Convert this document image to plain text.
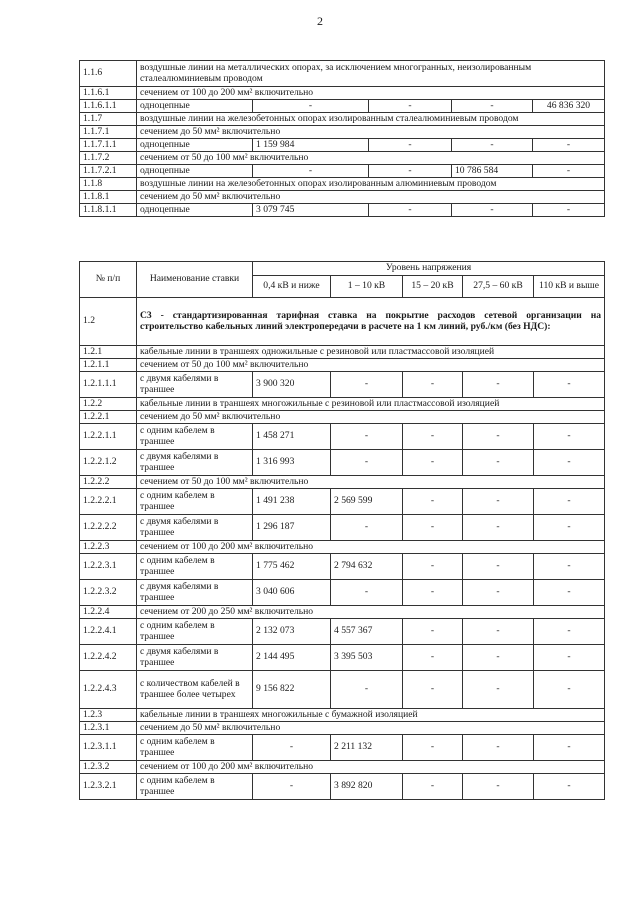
2
1.1.6	воздушные линии на металлических опорах, за исключением многогранных, неизолированным сталеалюминиевым проводом				
1.1.6.1	сечением от 100 до 200 мм² включительно				
1.1.6.1.1	одноцепные	-	-	-	46 836 320
1.1.7	воздушные линии на железобетонных опорах изолированным сталеалюминиевым проводом				
1.1.7.1	сечением до 50 мм² включительно				
1.1.7.1.1	одноцепные	1 159 984	-	-	-
1.1.7.2	сечением от 50 до 100 мм² включительно				
1.1.7.2.1	одноцепные	-	-	10 786 584	-
1.1.8	воздушные линии на железобетонных опорах изолированным алюминиевым проводом				
1.1.8.1	сечением до 50 мм² включительно				
1.1.8.1.1	одноцепные	3 079 745	-	-	-
№ п/п	Наименование ставки	Уровень напряжения				
		0,4 кВ и ниже	1 – 10 кВ	15 – 20 кВ	27,5 – 60 кВ	110 кВ и выше
1.2	С3 - стандартизированная тарифная ставка на покрытие расходов сетевой организации на строительство кабельных линий электропередачи в расчете на 1 км линий, руб./км (без НДС):					
1.2.1	кабельные линии в траншеях одножильные с резиновой или пластмассовой изоляцией					
1.2.1.1	сечением от 50 до 100 мм² включительно					
1.2.1.1.1	с двумя кабелями в траншее	3 900 320	-	-	-	-
1.2.2	кабельные линии в траншеях многожильные с резиновой или пластмассовой изоляцией					
1.2.2.1	сечением до 50 мм² включительно					
1.2.2.1.1	с одним кабелем в траншее	1 458 271	-	-	-	-
1.2.2.1.2	с двумя кабелями в траншее	1 316 993	-	-	-	-
1.2.2.2	сечением от 50 до 100 мм² включительно					
1.2.2.2.1	с одним кабелем в траншее	1 491 238	2 569 599	-	-	-
1.2.2.2.2	с двумя кабелями в траншее	1 296 187	-	-	-	-
1.2.2.3	сечением от 100 до 200 мм² включительно					
1.2.2.3.1	с одним кабелем в траншее	1 775 462	2 794 632	-	-	-
1.2.2.3.2	с двумя кабелями в траншее	3 040 606	-	-	-	-
1.2.2.4	сечением от 200 до 250 мм² включительно					
1.2.2.4.1	с одним кабелем в траншее	2 132 073	4 557 367	-	-	-
1.2.2.4.2	с двумя кабелями в траншее	2 144 495	3 395 503	-	-	-
1.2.2.4.3	с количеством кабелей в траншее более четырех	9 156 822	-	-	-	-
1.2.3	кабельные линии в траншеях многожильные с бумажной изоляцией					
1.2.3.1	сечением до 50 мм² включительно					
1.2.3.1.1	с одним кабелем в траншее	-	2 211 132	-	-	-
1.2.3.2	сечением от 100 до 200 мм² включительно					
1.2.3.2.1	с одним кабелем в траншее	-	3 892 820	-	-	-
